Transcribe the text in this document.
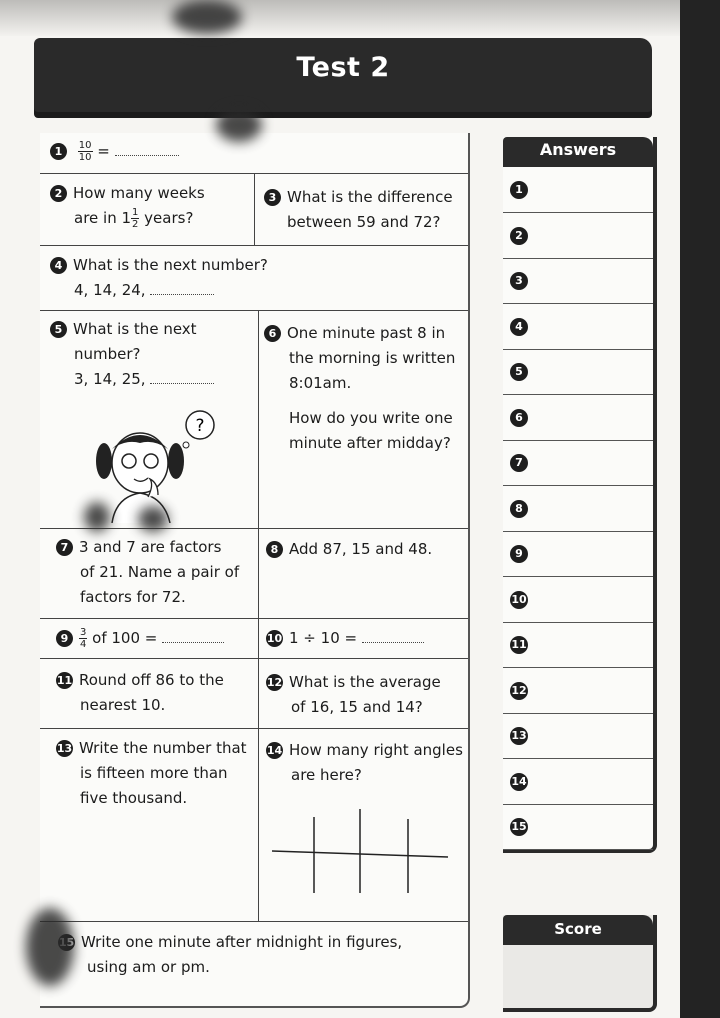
Test 2
$1 \frac{10}{10}$ =
2 How many weeks
are in $1 \frac{1}{2}$ years?
3 What is the difference
between 59 and 72?
4 What is the next number?
4, 14, 24,
5 What is the next
number?
3, 14, 25,
?
6 One minute past 8 in
the morning is written
8:01am.
How do you write one
minute after midday?
7 3 and 7 are factors
of 21. Name a pair of
factors for 72.
8 Add 87, 15 and 48.
$9 \frac{3}{4}$ of 100 =	10 1 ÷ 10 =
11 Round off 86 to the
nearest 10.
12 What is the average
of 16, 15 and 14?
13 Write the number that
is fifteen more than
five thousand.
14 How many right angles
are here?
Write one minute after midnight in figures,
using am or pm.
Answers
1
2
3
4
5
6
7
8
9
10
11
12
13
14
15
Score
